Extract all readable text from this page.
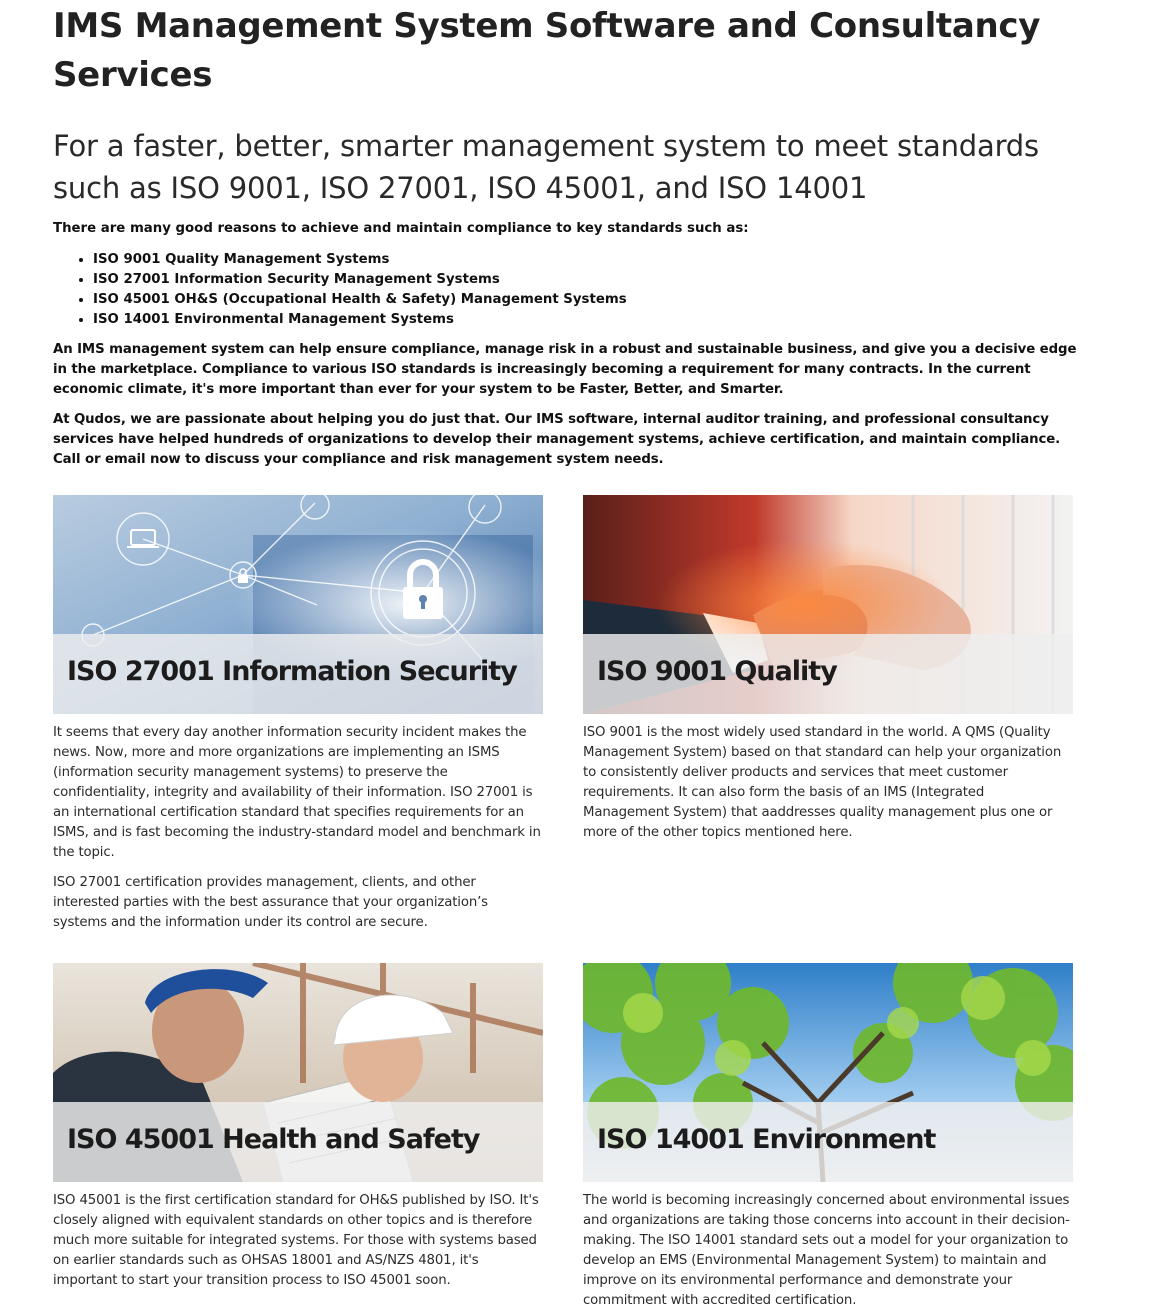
IMS Management System Software and Consultancy Services
For a faster, better, smarter management system to meet standards such as ISO 9001, ISO 27001, ISO 45001, and ISO 14001

There are many good reasons to achieve and maintain compliance to key standards such as:

• ISO 9001 Quality Management Systems
• ISO 27001 Information Security Management Systems
• ISO 45001 OH&S (Occupational Health & Safety) Management Systems
• ISO 14001 Environmental Management Systems

An IMS management system can help ensure compliance, manage risk in a robust and sustainable business, and give you a decisive edge in the marketplace. Compliance to various ISO standards is increasingly becoming a requirement for many contracts. In the current economic climate, it's more important than ever for your system to be Faster, Better, and Smarter.

At Qudos, we are passionate about helping you do just that. Our IMS software, internal auditor training, and professional consultancy services have helped hundreds of organizations to develop their management systems, achieve certification, and maintain compliance. Call or email now to discuss your compliance and risk management system needs.

ISO 27001 Information Security

It seems that every day another information security incident makes the news. Now, more and more organizations are implementing an ISMS (information security management systems) to preserve the confidentiality, integrity and availability of their information. ISO 27001 is an international certification standard that specifies requirements for an ISMS, and is fast becoming the industry-standard model and benchmark in the topic.

ISO 27001 certification provides management, clients, and other interested parties with the best assurance that your organization’s systems and the information under its control are secure.

ISO 9001 Quality

ISO 9001 is the most widely used standard in the world. A QMS (Quality Management System) based on that standard can help your organization to consistently deliver products and services that meet customer requirements. It can also form the basis of an IMS (Integrated Management System) that aaddresses quality management plus one or more of the other topics mentioned here.

ISO 45001 Health and Safety

ISO 45001 is the first certification standard for OH&S published by ISO. It's closely aligned with equivalent standards on other topics and is therefore much more suitable for integrated systems. For those with systems based on earlier standards such as OHSAS 18001 and AS/NZS 4801, it's important to start your transition process to ISO 45001 soon.

ISO 14001 Environment

The world is becoming increasingly concerned about environmental issues and organizations are taking those concerns into account in their decision-making. The ISO 14001 standard sets out a model for your organization to develop an EMS (Environmental Management System) to maintain and improve on its environmental performance and demonstrate your commitment with accredited certification.
